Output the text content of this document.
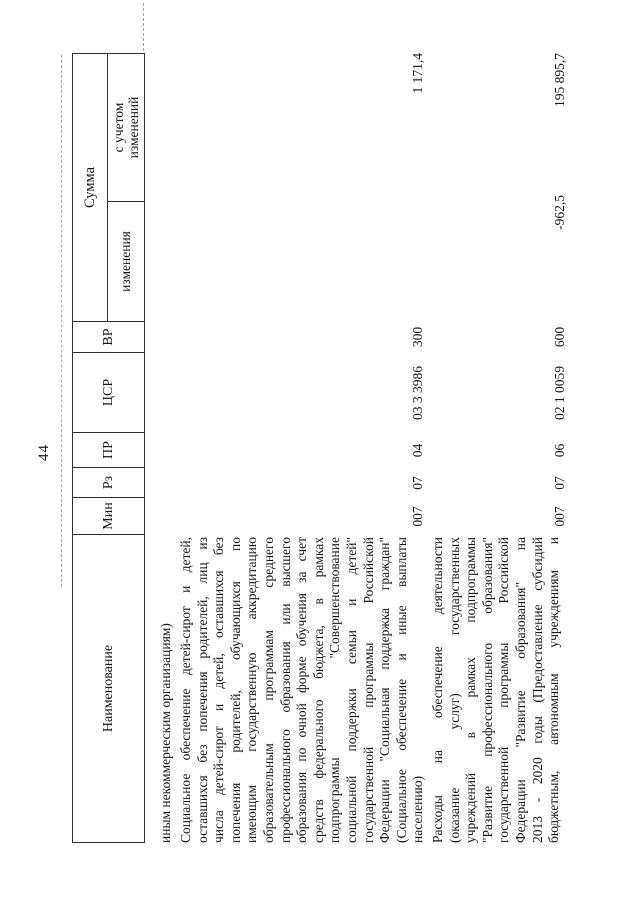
44
Наименование
Мин
Рз
ПР
ЦСР
ВР
Сумма
изменения
с учетом изменений
иным некоммерческим организациям) Социальное обеспечение детей-сирот и детей, оставшихся без попечения родителей, лиц из числа детей-сирот и детей, оставшихся без попечения родителей, обучающихся по имеющим государственную аккредитацию образовательным программам среднего профессионального образования или высшего образования по очной форме обучения за счет средств федерального бюджета, в рамках подпрограммы "Совершенствование социальной поддержки семьи и детей" государственной программы Российской Федерации "Социальная поддержка граждан" (Социальное обеспечение и иные выплаты населению)
007
07
04
03 3 3986
300
1 171,4
Расходы на обеспечение деятельности (оказание услуг) государственных учреждений в рамках подпрограммы "Развитие профессионального образования" государственной программы Российской Федерации "Развитие образования" на 2013 - 2020 годы (Предоставление субсидий бюджетным, автономным учреждениям и
007
07
06
02 1 0059
600
-962,5
195 895,7
